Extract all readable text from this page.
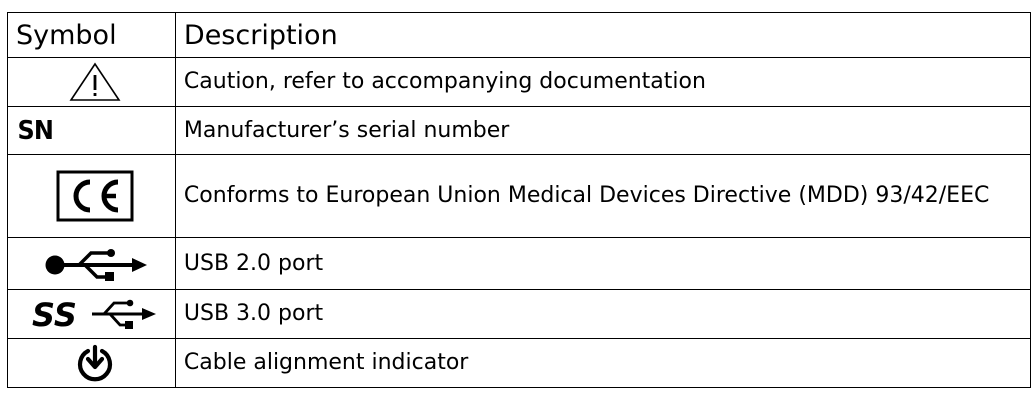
Symbol	Description

	Caution, refer to accompanying documentation
SN	Manufacturer’s serial number

	Conforms to European Union Medical Devices Directive (MDD) 93/42/EEC

	USB 2.0 port

SS	USB 3.0 port

	Cable alignment indicator
